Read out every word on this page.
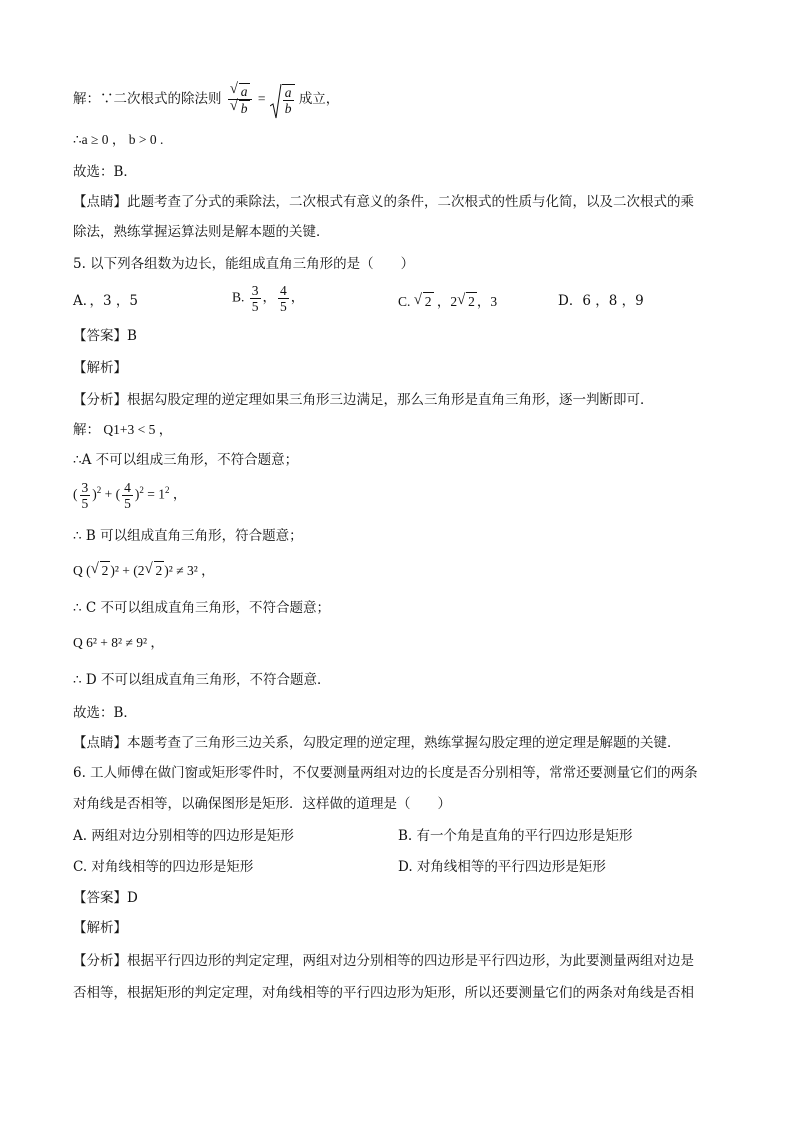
解：∵二次根式的除法则 √ a
√ $b = \frac{a}{b}$ 成立，
∴a ≥ 0 ， b > 0 .
故选：B．
【点睛】此题考查了分式的乘除法，二次根式有意义的条件，二次根式的性质与化简，以及二次根式的乘
除法，熟练掌握运算法则是解本题的关键．
5. 以下列各组数为边长，能组成直角三角形的是（　　）
A．，3 ，5	B. $\frac{3}{5}$ ， $\frac{4}{5}$ ，	C. √ 2 ，2 √ 2 ，3	D．6 ，8 ，9
【答案】B
【解析】
【分析】根据勾股定理的逆定理如果三角形三边满足，那么三角形是直角三角形，逐一判断即可．
解： Q1+3 < 5 ，
∴A 不可以组成三角形，不符合题意；
( $\frac{3}{5} )^2$ + ( $\frac{4}{5} )^2 = 1^2$ ，
∴ B 可以组成直角三角形，符合题意；
Q ( √ 2 )² + (2 √ 2 )² ≠ 3² ，
∴ C 不可以组成直角三角形，不符合题意；
Q 6² + 8² ≠ 9² ，
∴ D 不可以组成直角三角形，不符合题意．
故选：B．
【点睛】本题考查了三角形三边关系，勾股定理的逆定理，熟练掌握勾股定理的逆定理是解题的关键．
6. 工人师傅在做门窗或矩形零件时，不仅要测量两组对边的长度是否分别相等，常常还要测量它们的两条
对角线是否相等，以确保图形是矩形．这样做的道理是（　　）
A. 两组对边分别相等的四边形是矩形	B. 有一个角是直角的平行四边形是矩形
C. 对角线相等的四边形是矩形	D. 对角线相等的平行四边形是矩形
【答案】D
【解析】
【分析】根据平行四边形的判定定理，两组对边分别相等的四边形是平行四边形，为此要测量两组对边是
否相等，根据矩形的判定定理，对角线相等的平行四边形为矩形，所以还要测量它们的两条对角线是否相
